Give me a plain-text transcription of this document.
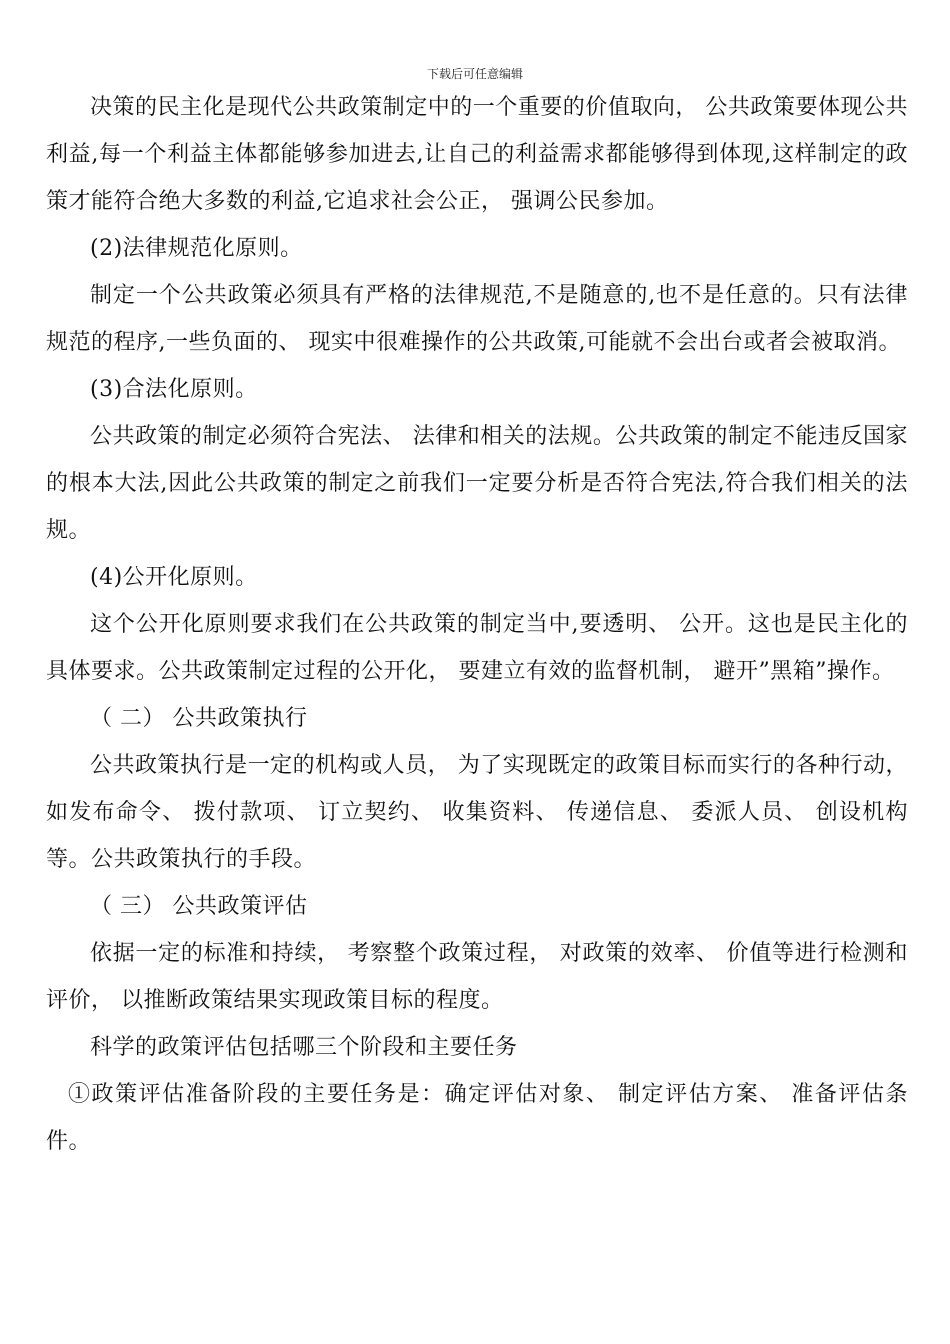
下载后可任意编辑

决策的民主化是现代公共政策制定中的一个重要的价值取向， 公共政策要体现公共利益,每一个利益主体都能够参加进去,让自己的利益需求都能够得到体现,这样制定的政策才能符合绝大多数的利益,它追求社会公正， 强调公民参加。

(2)法律规范化原则。

制定一个公共政策必须具有严格的法律规范,不是随意的,也不是任意的。只有法律规范的程序,一些负面的、 现实中很难操作的公共政策,可能就不会出台或者会被取消。

(3)合法化原则。

公共政策的制定必须符合宪法、 法律和相关的法规。公共政策的制定不能违反国家的根本大法,因此公共政策的制定之前我们一定要分析是否符合宪法,符合我们相关的法规。

(4)公开化原则。

这个公开化原则要求我们在公共政策的制定当中,要透明、 公开。这也是民主化的具体要求。公共政策制定过程的公开化， 要建立有效的监督机制， 避开”黑箱”操作。

（ 二） 公共政策执行

公共政策执行是一定的机构或人员， 为了实现既定的政策目标而实行的各种行动， 如发布命令、 拨付款项、 订立契约、 收集资料、 传递信息、 委派人员、 创设机构等。公共政策执行的手段。

（ 三） 公共政策评估

依据一定的标准和持续， 考察整个政策过程， 对政策的效率、 价值等进行检测和评价， 以推断政策结果实现政策目标的程度。

科学的政策评估包括哪三个阶段和主要任务

①政策评估准备阶段的主要任务是：确定评估对象、 制定评估方案、 准备评估条件。
